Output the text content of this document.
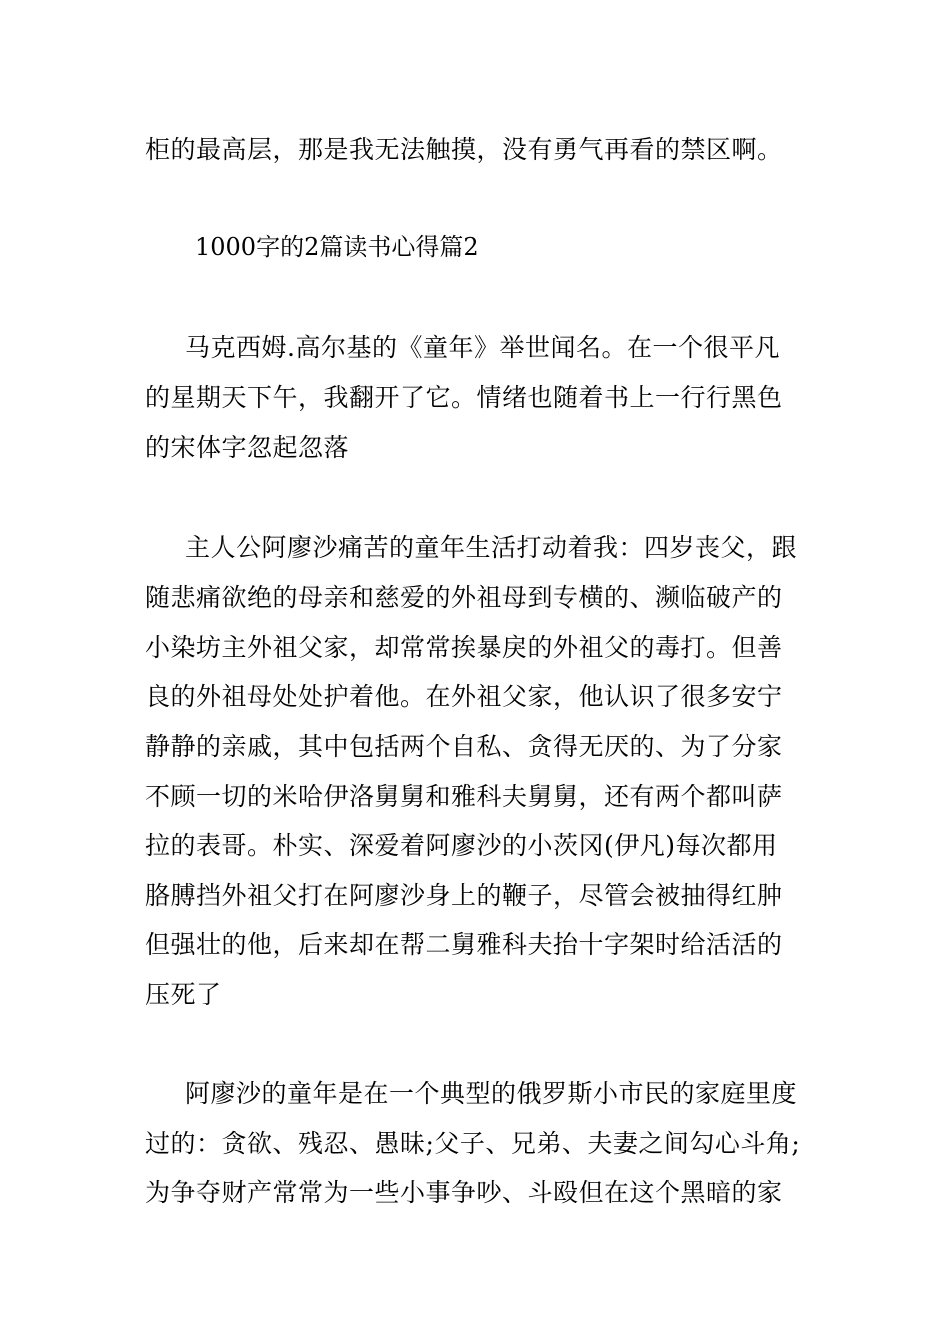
柜的最高层，那是我无法触摸，没有勇气再看的禁区啊。
1000字的2篇读书心得篇2
马克西姆.高尔基的《童年》举世闻名。在一个很平凡
的星期天下午，我翻开了它。情绪也随着书上一行行黑色
的宋体字忽起忽落
主人公阿廖沙痛苦的童年生活打动着我：四岁丧父，跟
随悲痛欲绝的母亲和慈爱的外祖母到专横的、濒临破产的
小染坊主外祖父家，却常常挨暴戾的外祖父的毒打。但善
良的外祖母处处护着他。在外祖父家，他认识了很多安宁
静静的亲戚，其中包括两个自私、贪得无厌的、为了分家
不顾一切的米哈伊洛舅舅和雅科夫舅舅，还有两个都叫萨
拉的表哥。朴实、深爱着阿廖沙的小茨冈(伊凡)每次都用
胳膊挡外祖父打在阿廖沙身上的鞭子，尽管会被抽得红肿
但强壮的他，后来却在帮二舅雅科夫抬十字架时给活活的
压死了
阿廖沙的童年是在一个典型的俄罗斯小市民的家庭里度
过的：贪欲、残忍、愚昧;父子、兄弟、夫妻之间勾心斗角;
为争夺财产常常为一些小事争吵、斗殴但在这个黑暗的家
